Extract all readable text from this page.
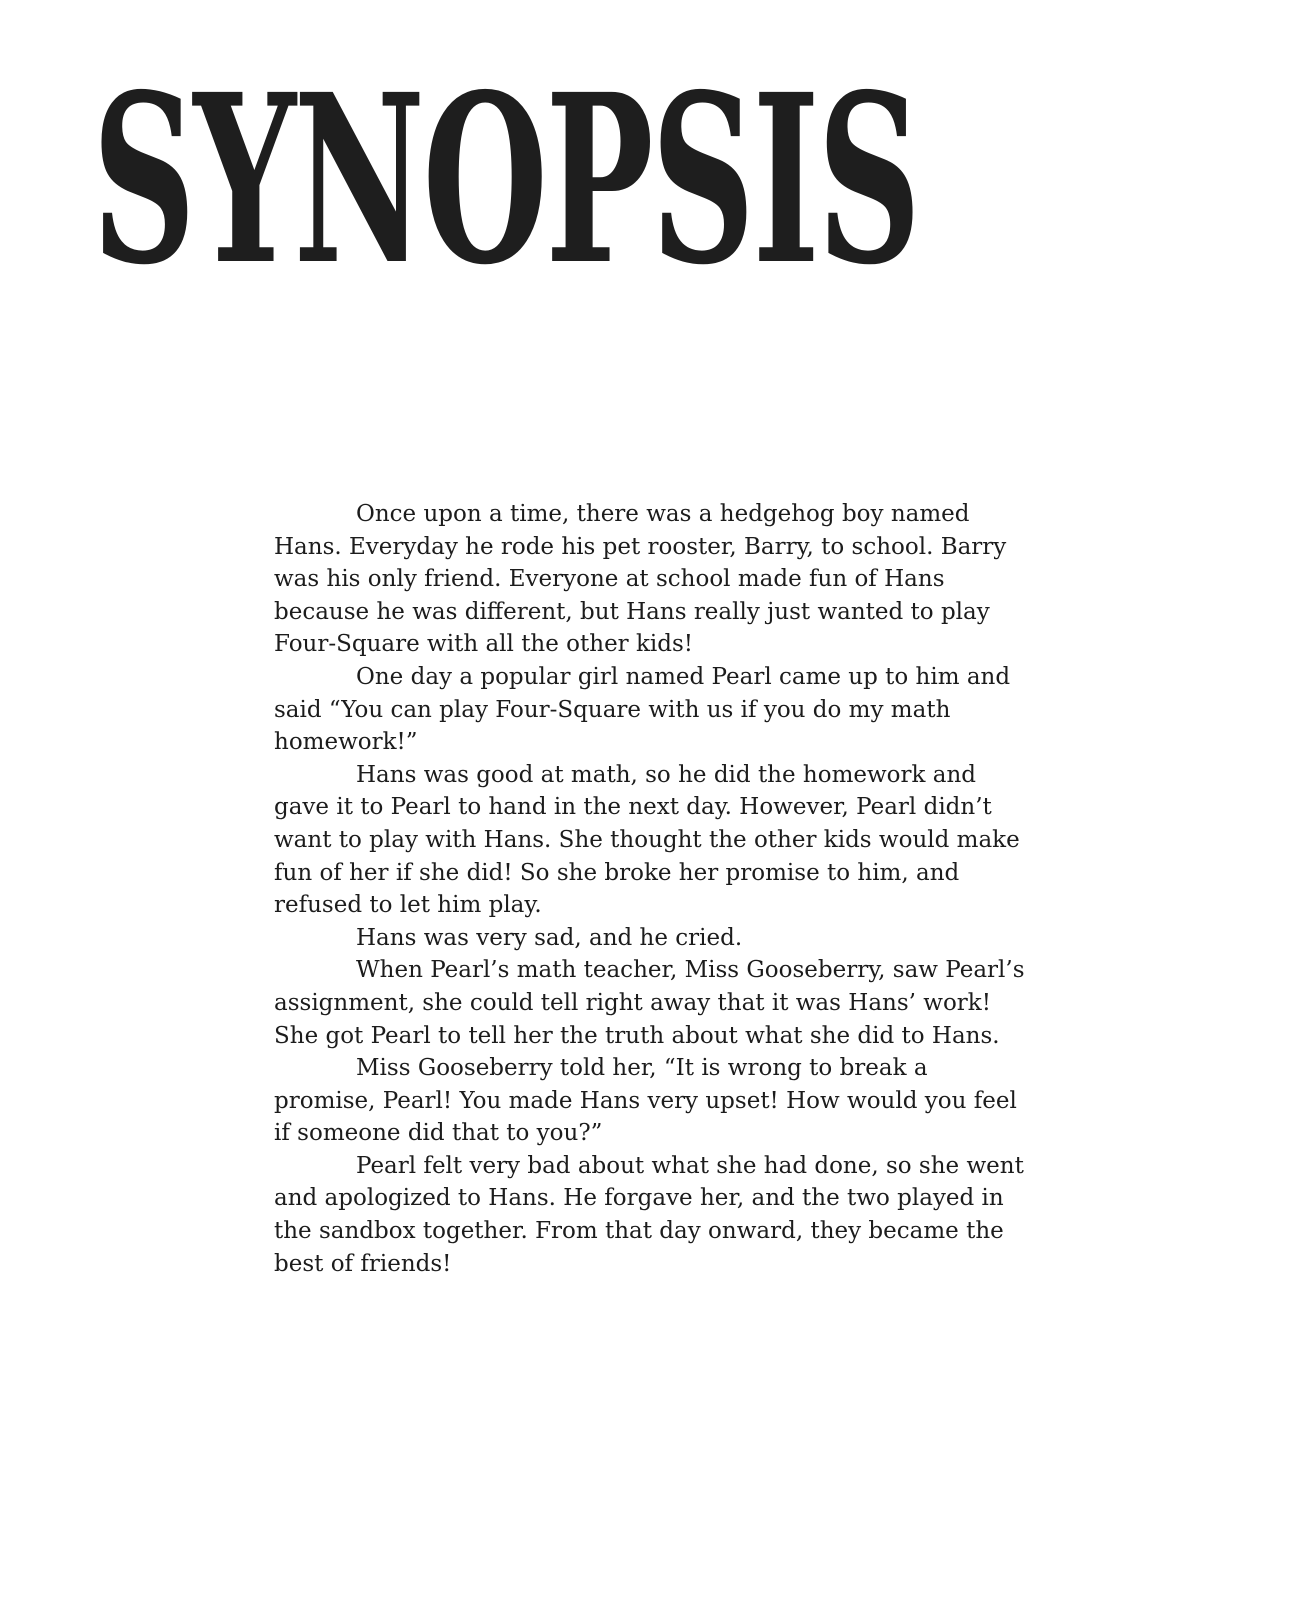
SYNOPSIS

Once upon a time, there was a hedgehog boy named Hans. Everyday he rode his pet rooster, Barry, to school. Barry was his only friend. Everyone at school made fun of Hans because he was different, but Hans really just wanted to play Four-Square with all the other kids!

One day a popular girl named Pearl came up to him and said “You can play Four-Square with us if you do my math homework!”

Hans was good at math, so he did the homework and gave it to Pearl to hand in the next day. However, Pearl didn’t want to play with Hans. She thought the other kids would make fun of her if she did! So she broke her promise to him, and refused to let him play.

Hans was very sad, and he cried.

When Pearl’s math teacher, Miss Gooseberry, saw Pearl’s assignment, she could tell right away that it was Hans’ work! She got Pearl to tell her the truth about what she did to Hans.

Miss Gooseberry told her, “It is wrong to break a promise, Pearl! You made Hans very upset! How would you feel if someone did that to you?”

Pearl felt very bad about what she had done, so she went and apologized to Hans. He forgave her, and the two played in the sandbox together. From that day onward, they became the best of friends!
